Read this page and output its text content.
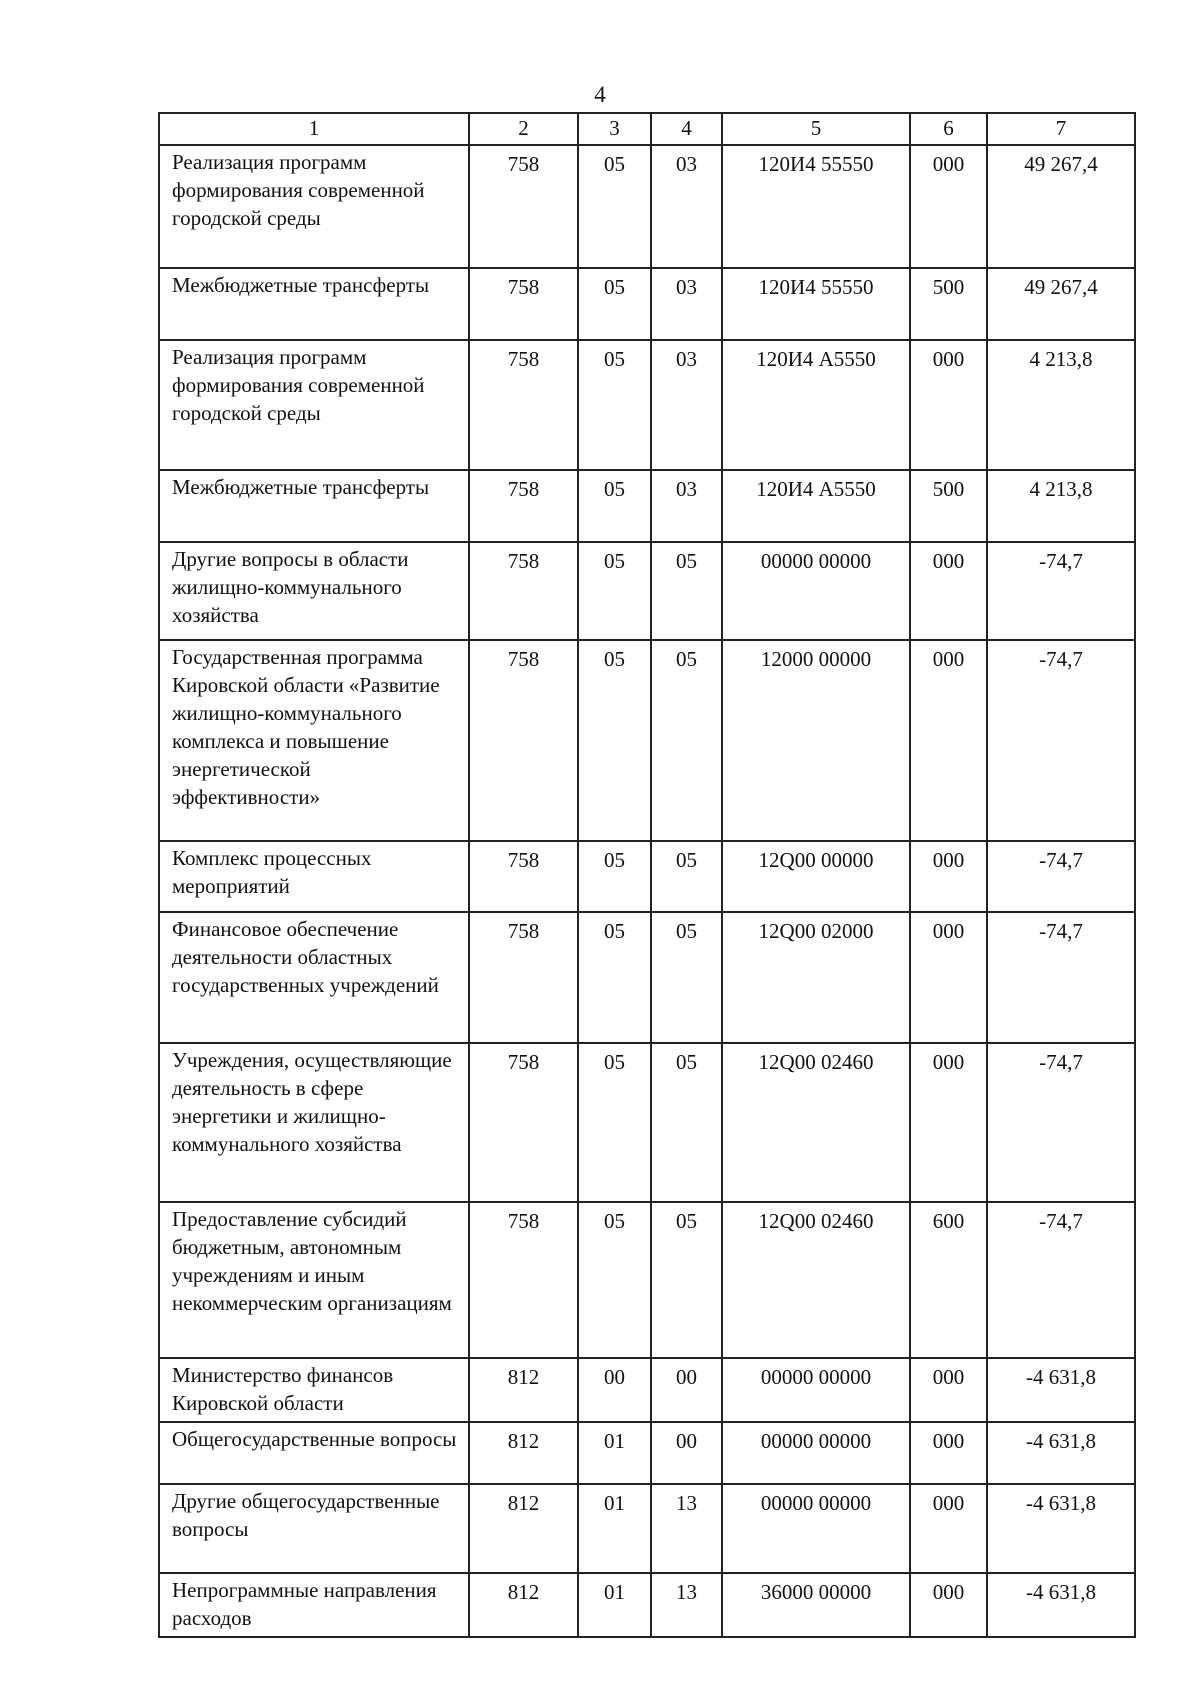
4
1	2	3	4	5	6	7
Реализация программ формирования современной городской среды	758	05	03	120И4 55550	000	49 267,4
Межбюджетные трансферты	758	05	03	120И4 55550	500	49 267,4
Реализация программ формирования современной городской среды	758	05	03	120И4 А5550	000	4 213,8
Межбюджетные трансферты	758	05	03	120И4 А5550	500	4 213,8
Другие вопросы в области жилищно-коммунального хозяйства	758	05	05	00000 00000	000	-74,7
Государственная программа Кировской области «Развитие жилищно-коммунального комплекса и повышение энергетической эффективности»	758	05	05	12000 00000	000	-74,7
Комплекс процессных мероприятий	758	05	05	12Q00 00000	000	-74,7
Финансовое обеспечение деятельности областных государственных учреждений	758	05	05	12Q00 02000	000	-74,7
Учреждения, осуществляющие деятельность в сфере энергетики и жилищно-коммунального хозяйства	758	05	05	12Q00 02460	000	-74,7
Предоставление субсидий бюджетным, автономным учреждениям и иным некоммерческим организациям	758	05	05	12Q00 02460	600	-74,7
Министерство финансов Кировской области	812	00	00	00000 00000	000	-4 631,8
Общегосударственные вопросы	812	01	00	00000 00000	000	-4 631,8
Другие общегосударственные вопросы	812	01	13	00000 00000	000	-4 631,8
Непрограммные направления расходов	812	01	13	36000 00000	000	-4 631,8
